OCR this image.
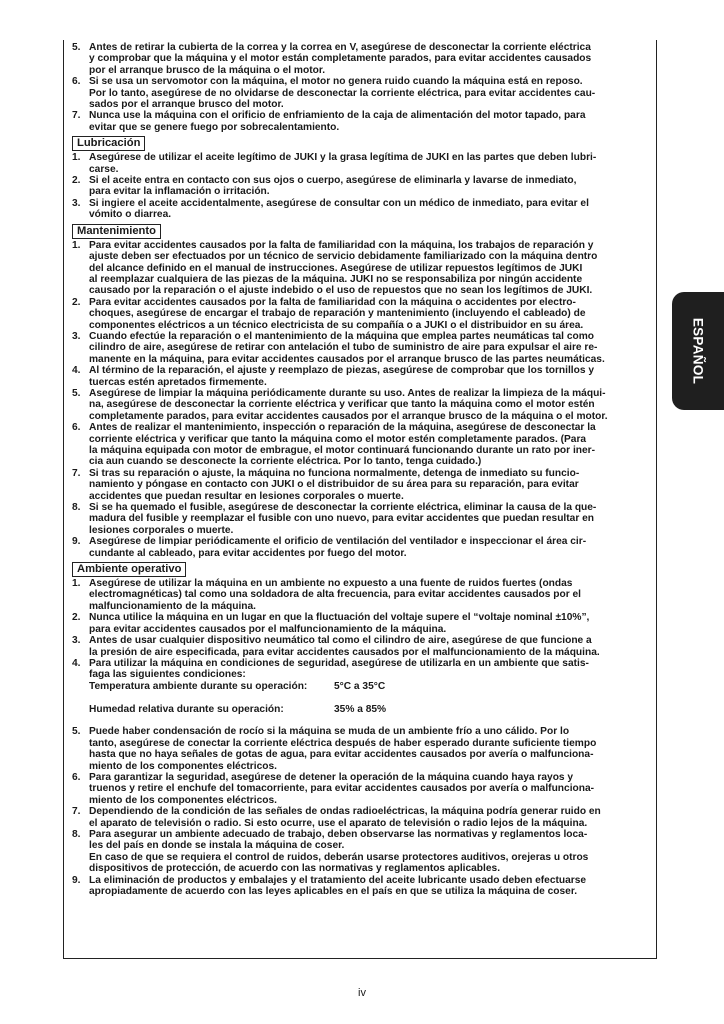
5. Antes de retirar la cubierta de la correa y la correa en V, asegúrese de desconectar la corriente eléctrica
y comprobar que la máquina y el motor están completamente parados, para evitar accidentes causados
por el arranque brusco de la máquina o el motor.
6. Si se usa un servomotor con la máquina, el motor no genera ruido cuando la máquina está en reposo.
Por lo tanto, asegúrese de no olvidarse de desconectar la corriente eléctrica, para evitar accidentes cau-
sados por el arranque brusco del motor.
7. Nunca use la máquina con el orificio de enfriamiento de la caja de alimentación del motor tapado, para
evitar que se genere fuego por sobrecalentamiento.
Lubricación
1. Asegúrese de utilizar el aceite legítimo de JUKI y la grasa legítima de JUKI en las partes que deben lubri-
carse.
2. Si el aceite entra en contacto con sus ojos o cuerpo, asegúrese de eliminarla y lavarse de inmediato,
para evitar la inflamación o irritación.
3. Si ingiere el aceite accidentalmente, asegúrese de consultar con un médico de inmediato, para evitar el
vómito o diarrea.
Mantenimiento
1. Para evitar accidentes causados por la falta de familiaridad con la máquina, los trabajos de reparación y
ajuste deben ser efectuados por un técnico de servicio debidamente familiarizado con la máquina dentro
del alcance definido en el manual de instrucciones. Asegúrese de utilizar repuestos legítimos de JUKI
al reemplazar cualquiera de las piezas de la máquina. JUKI no se responsabiliza por ningún accidente
causado por la reparación o el ajuste indebido o el uso de repuestos que no sean los legítimos de JUKI.
2. Para evitar accidentes causados por la falta de familiaridad con la máquina o accidentes por electro-
choques, asegúrese de encargar el trabajo de reparación y mantenimiento (incluyendo el cableado) de
componentes eléctricos a un técnico electricista de su compañía o a JUKI o el distribuidor en su área.
3. Cuando efectúe la reparación o el mantenimiento de la máquina que emplea partes neumáticas tal como
cilindro de aire, asegúrese de retirar con antelación el tubo de suministro de aire para expulsar el aire re-
manente en la máquina, para evitar accidentes causados por el arranque brusco de las partes neumáticas.
4. Al término de la reparación, el ajuste y reemplazo de piezas, asegúrese de comprobar que los tornillos y
tuercas estén apretados firmemente.
5. Asegúrese de limpiar la máquina periódicamente durante su uso. Antes de realizar la limpieza de la máqui-
na, asegúrese de desconectar la corriente eléctrica y verificar que tanto la máquina como el motor estén
completamente parados, para evitar accidentes causados por el arranque brusco de la máquina o el motor.
6. Antes de realizar el mantenimiento, inspección o reparación de la máquina, asegúrese de desconectar la
corriente eléctrica y verificar que tanto la máquina como el motor estén completamente parados. (Para
la máquina equipada con motor de embrague, el motor continuará funcionando durante un rato por iner-
cia aun cuando se desconecte la corriente eléctrica. Por lo tanto, tenga cuidado.)
7. Si tras su reparación o ajuste, la máquina no funciona normalmente, detenga de inmediato su funcio-
namiento y póngase en contacto con JUKI o el distribuidor de su área para su reparación, para evitar
accidentes que puedan resultar en lesiones corporales o muerte.
8. Si se ha quemado el fusible, asegúrese de desconectar la corriente eléctrica, eliminar la causa de la que-
madura del fusible y reemplazar el fusible con uno nuevo, para evitar accidentes que puedan resultar en
lesiones corporales o muerte.
9. Asegúrese de limpiar periódicamente el orificio de ventilación del ventilador e inspeccionar el área cir-
cundante al cableado, para evitar accidentes por fuego del motor.
Ambiente operativo
1. Asegúrese de utilizar la máquina en un ambiente no expuesto a una fuente de ruidos fuertes (ondas
electromagnéticas) tal como una soldadora de alta frecuencia, para evitar accidentes causados por el
malfuncionamiento de la máquina.
2. Nunca utilice la máquina en un lugar en que la fluctuación del voltaje supere el “voltaje nominal ±10%”,
para evitar accidentes causados por el malfuncionamiento de la máquina.
3. Antes de usar cualquier dispositivo neumático tal como el cilindro de aire, asegúrese de que funcione a
la presión de aire especificada, para evitar accidentes causados por el malfuncionamiento de la máquina.
4. Para utilizar la máquina en condiciones de seguridad, asegúrese de utilizarla en un ambiente que satis-
faga las siguientes condiciones:

Temperatura ambiente durante su operación:	5°C a 35°C

Humedad relativa durante su operación:	35% a 85%

5. Puede haber condensación de rocío si la máquina se muda de un ambiente frío a uno cálido. Por lo
tanto, asegúrese de conectar la corriente eléctrica después de haber esperado durante suficiente tiempo
hasta que no haya señales de gotas de agua, para evitar accidentes causados por avería o malfunciona-
miento de los componentes eléctricos.
6. Para garantizar la seguridad, asegúrese de detener la operación de la máquina cuando haya rayos y
truenos y retire el enchufe del tomacorriente, para evitar accidentes causados por avería o malfunciona-
miento de los componentes eléctricos.
7. Dependiendo de la condición de las señales de ondas radioeléctricas, la máquina podría generar ruido en
el aparato de televisión o radio. Si esto ocurre, use el aparato de televisión o radio lejos de la máquina.
8. Para asegurar un ambiente adecuado de trabajo, deben observarse las normativas y reglamentos loca-
les del país en donde se instala la máquina de coser.
En caso de que se requiera el control de ruidos, deberán usarse protectores auditivos, orejeras u otros
dispositivos de protección, de acuerdo con las normativas y reglamentos aplicables.
9. La eliminación de productos y embalajes y el tratamiento del aceite lubricante usado deben efectuarse
apropiadamente de acuerdo con las leyes aplicables en el país en que se utiliza la máquina de coser.
ESPAÑOL
iv
